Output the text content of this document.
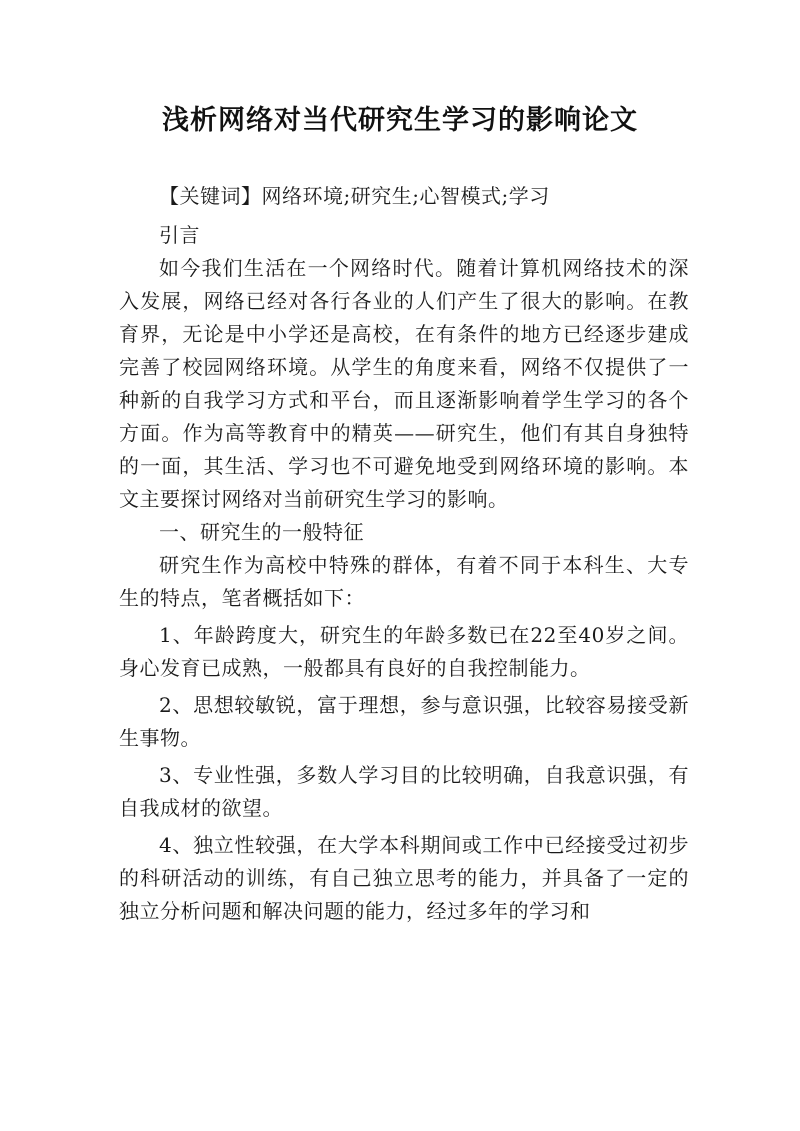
浅析网络对当代研究生学习的影响论文

【关键词】网络环境;研究生;心智模式;学习

引言

如今我们生活在一个网络时代。随着计算机网络技术的深入发展，网络已经对各行各业的人们产生了很大的影响。在教育界，无论是中小学还是高校，在有条件的地方已经逐步建成完善了校园网络环境。从学生的角度来看，网络不仅提供了一种新的自我学习方式和平台，而且逐渐影响着学生学习的各个方面。作为高等教育中的精英——研究生，他们有其自身独特的一面，其生活、学习也不可避免地受到网络环境的影响。本文主要探讨网络对当前研究生学习的影响。

一、研究生的一般特征

研究生作为高校中特殊的群体，有着不同于本科生、大专生的特点，笔者概括如下：

1、年龄跨度大，研究生的年龄多数已在22至40岁之间。身心发育已成熟，一般都具有良好的自我控制能力。

2、思想较敏锐，富于理想，参与意识强，比较容易接受新生事物。

3、专业性强，多数人学习目的比较明确，自我意识强，有自我成材的欲望。

4、独立性较强，在大学本科期间或工作中已经接受过初步的科研活动的训练，有自己独立思考的能力，并具备了一定的独立分析问题和解决问题的能力，经过多年的学习和
